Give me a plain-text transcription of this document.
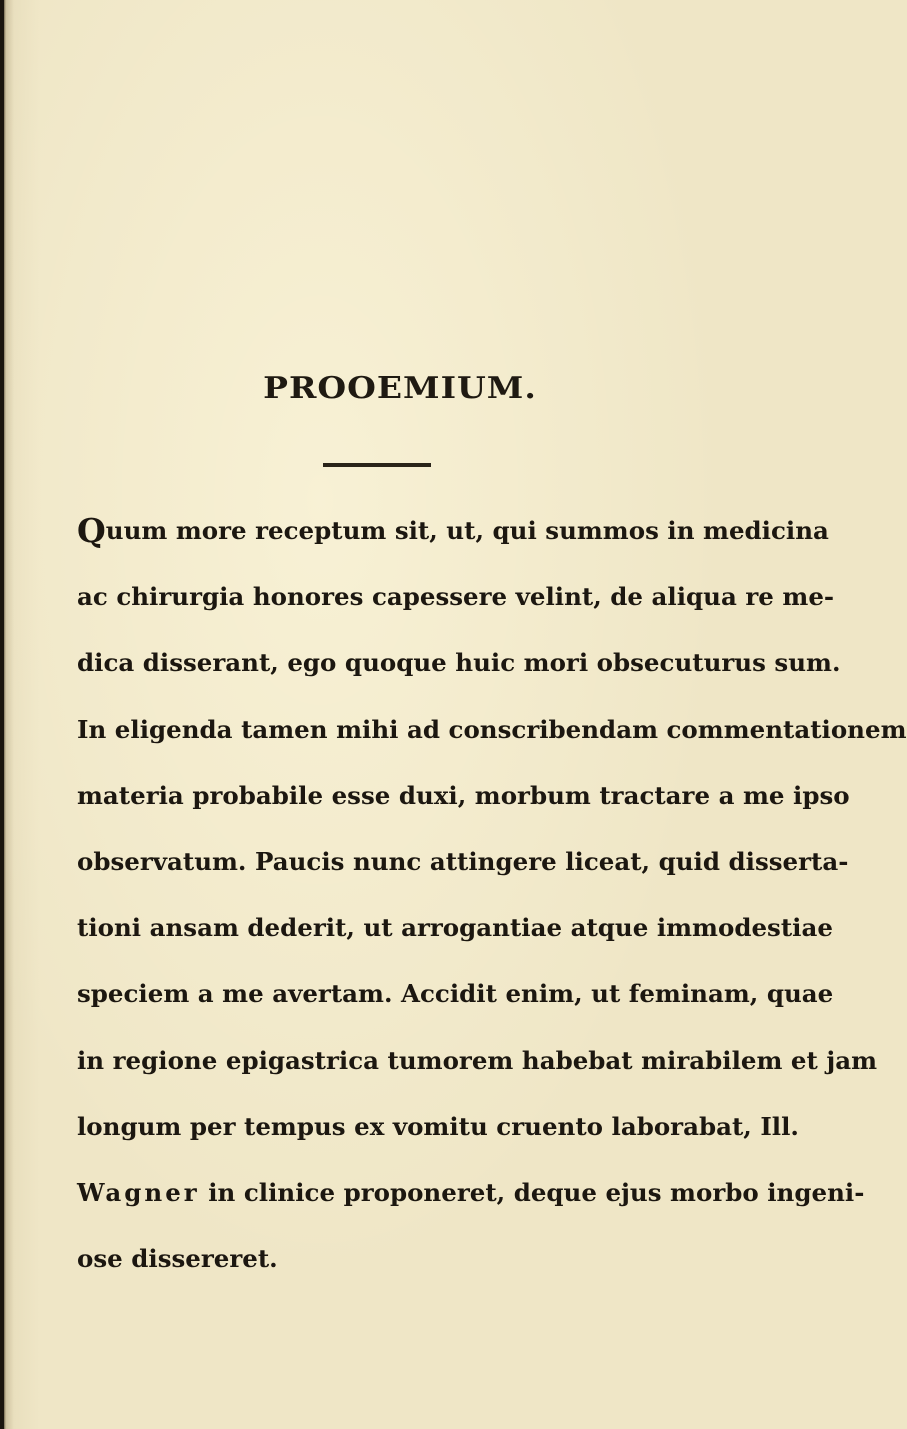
PROOEMIUM.
Quum more receptum sit, ut, qui summos in medicina
ac chirurgia honores capessere velint, de aliqua re me-
dica disserant, ego quoque huic mori obsecuturus sum.
In eligenda tamen mihi ad conscribendam commentationem
materia probabile esse duxi, morbum tractare a me ipso
observatum. Paucis nunc attingere liceat, quid disserta-
tioni ansam dederit, ut arrogantiae atque immodestiae
speciem a me avertam. Accidit enim, ut feminam, quae
in regione epigastrica tumorem habebat mirabilem et jam
longum per tempus ex vomitu cruento laborabat, Ill.
Wagner in clinice proponeret, deque ejus morbo ingeni-
ose dissereret.
